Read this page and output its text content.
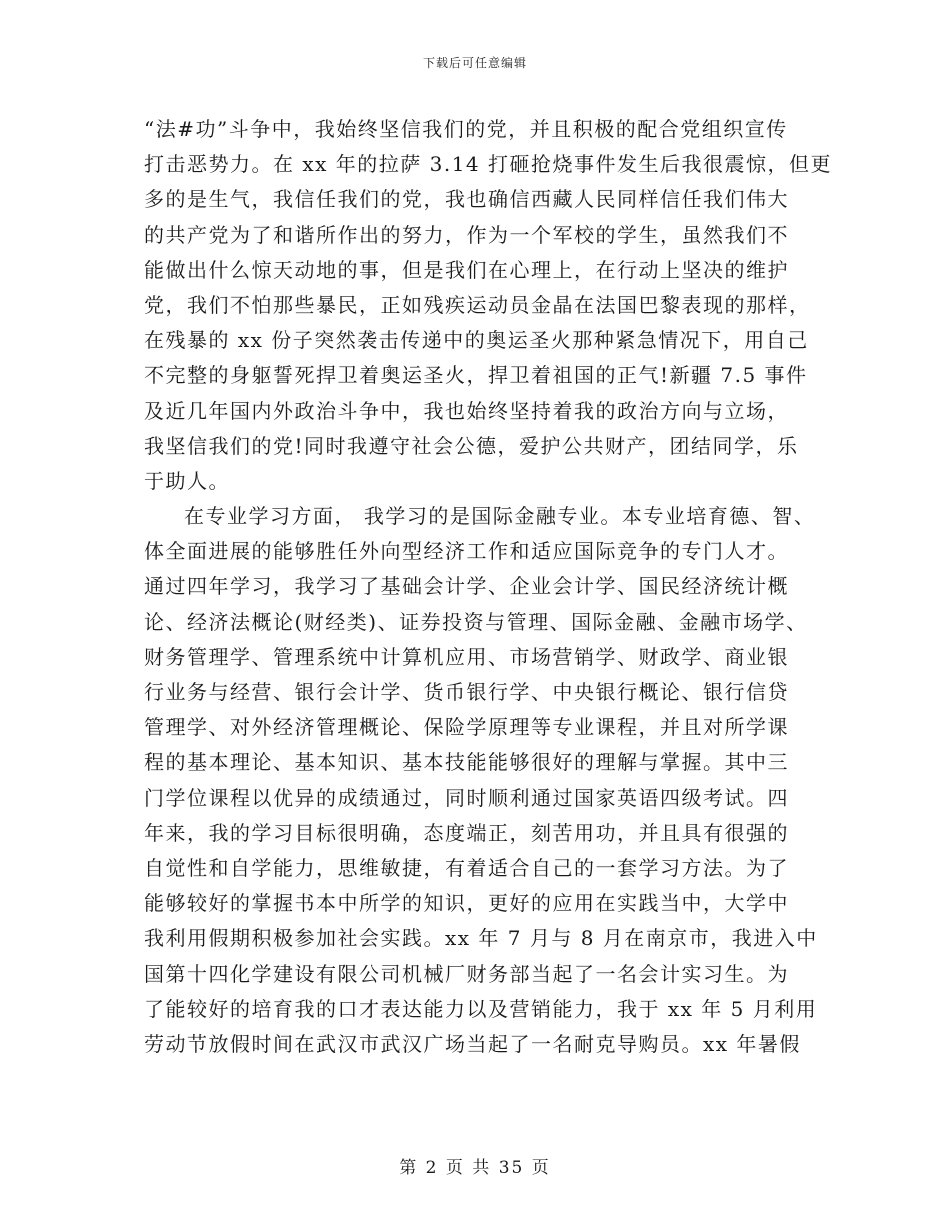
下载后可任意编辑
“法#功”斗争中，我始终坚信我们的党，并且积极的配合党组织宣传
打击恶势力。在 xx 年的拉萨 3.14 打砸抢烧事件发生后我很震惊，但更
多的是生气，我信任我们的党，我也确信西藏人民同样信任我们伟大
的共产党为了和谐所作出的努力，作为一个军校的学生，虽然我们不
能做出什么惊天动地的事，但是我们在心理上，在行动上坚决的维护
党，我们不怕那些暴民，正如残疾运动员金晶在法国巴黎表现的那样，
在残暴的 xx 份子突然袭击传递中的奥运圣火那种紧急情况下，用自己
不完整的身躯誓死捍卫着奥运圣火，捍卫着祖国的正气!新疆 7.5 事件
及近几年国内外政治斗争中，我也始终坚持着我的政治方向与立场，
我坚信我们的党!同时我遵守社会公德，爱护公共财产，团结同学，乐
于助人。
在专业学习方面， 我学习的是国际金融专业。本专业培育德、智、
体全面进展的能够胜任外向型经济工作和适应国际竞争的专门人才。
通过四年学习，我学习了基础会计学、企业会计学、国民经济统计概
论、经济法概论(财经类)、证券投资与管理、国际金融、金融市场学、
财务管理学、管理系统中计算机应用、市场营销学、财政学、商业银
行业务与经营、银行会计学、货币银行学、中央银行概论、银行信贷
管理学、对外经济管理概论、保险学原理等专业课程，并且对所学课
程的基本理论、基本知识、基本技能能够很好的理解与掌握。其中三
门学位课程以优异的成绩通过，同时顺利通过国家英语四级考试。四
年来，我的学习目标很明确，态度端正，刻苦用功，并且具有很强的
自觉性和自学能力，思维敏捷，有着适合自己的一套学习方法。为了
能够较好的掌握书本中所学的知识，更好的应用在实践当中，大学中
我利用假期积极参加社会实践。xx 年 7 月与 8 月在南京市，我进入中
国第十四化学建设有限公司机械厂财务部当起了一名会计实习生。为
了能较好的培育我的口才表达能力以及营销能力，我于 xx 年 5 月利用
劳动节放假时间在武汉市武汉广场当起了一名耐克导购员。xx 年暑假
第 2 页 共 35 页
